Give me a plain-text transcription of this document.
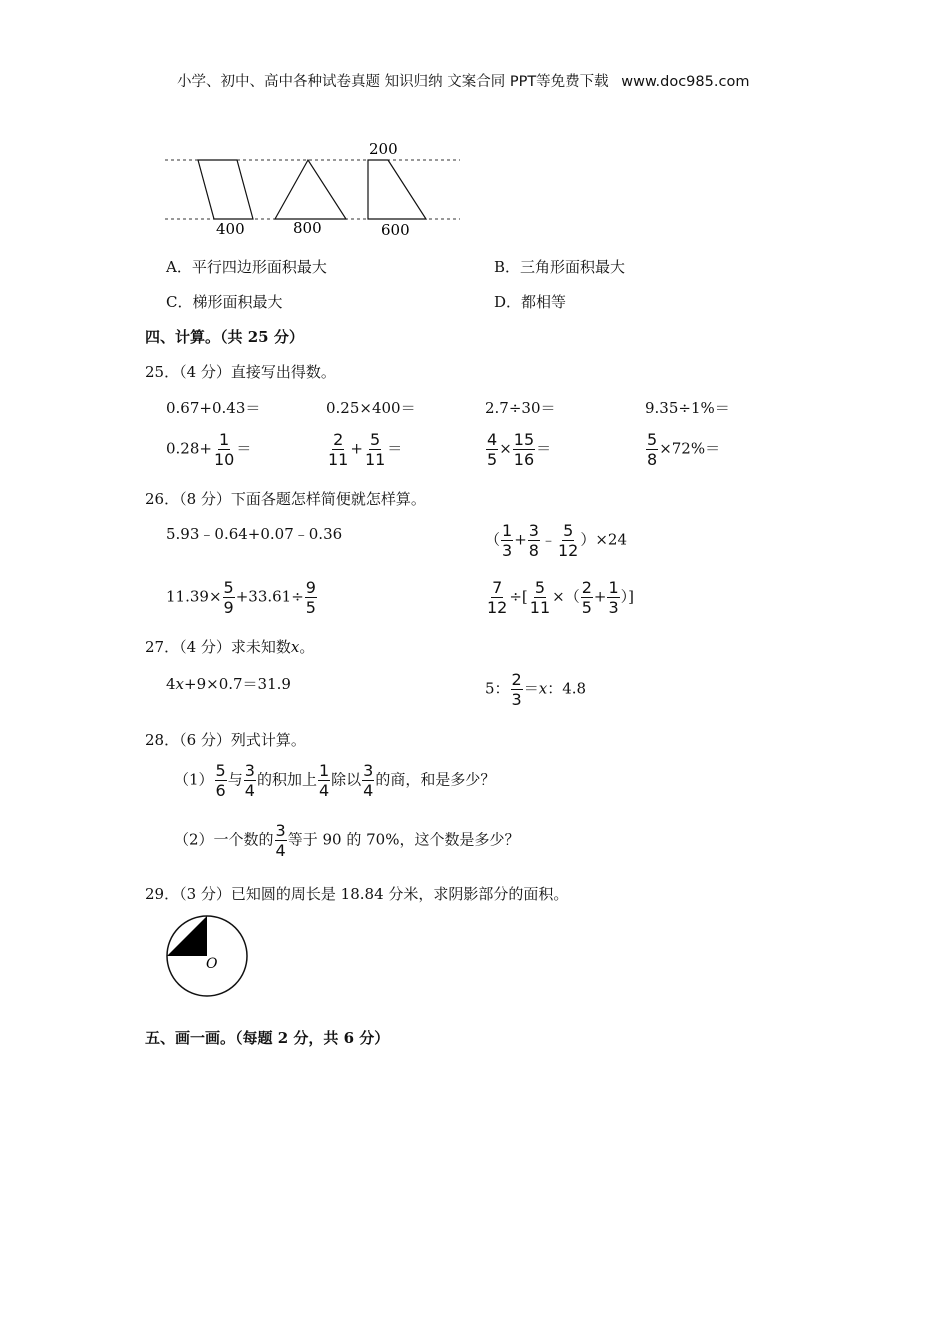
小学、初中、高中各种试卷真题 知识归纳 文案合同 PPT等免费下载 www.doc985.com
200
400	800	600
A．平行四边形面积最大	B．三角形面积最大
C．梯形面积最大	D．都相等
四、计算。（共 25 分）
25．（4 分）直接写出得数。
0.67+0.43＝	0.25×400＝	2.7÷30＝	9.35÷1%＝
$0.28+ \frac{1}{10}$ ＝	$\frac{2}{11} + \frac{5}{11}$ ＝	$\frac{4}{5} \times \frac{15}{16}$ ＝	$\frac{5}{8} \times 72\%=$
26．（8 分）下面各题怎样简便就怎样算。
5.93﹣0.64+0.07﹣0.36	（ $\frac{1}{3} + \frac{3}{8}$ ﹣ $\frac{5}{12} )\times 24$
$11.39\times \frac{5}{9} +33.61\div \frac{9}{5}$	$\frac{7}{12}$ ÷[ $\frac{5}{11}$ ×（ $\frac{2}{5} + \frac{1}{3}$ ）]
27．（4 分）求未知数x。
4x+9×0.7＝31.9	5： $\frac{2}{3} =x$：4.8
28．（6 分）列式计算。
$(1) \frac{5}{6}$ 与 $\frac{3}{4}$ 的积加上 $\frac{1}{4}$ 除以 $\frac{3}{4}$ 的商，和是多少？
（2）一个数的 $\frac{3}{4}$ 等于 90 的 70%，这个数是多少？
29．（3 分）已知圆的周长是 18.84 分米，求阴影部分的面积。
O
五、画一画。（每题 2 分，共 6 分）
